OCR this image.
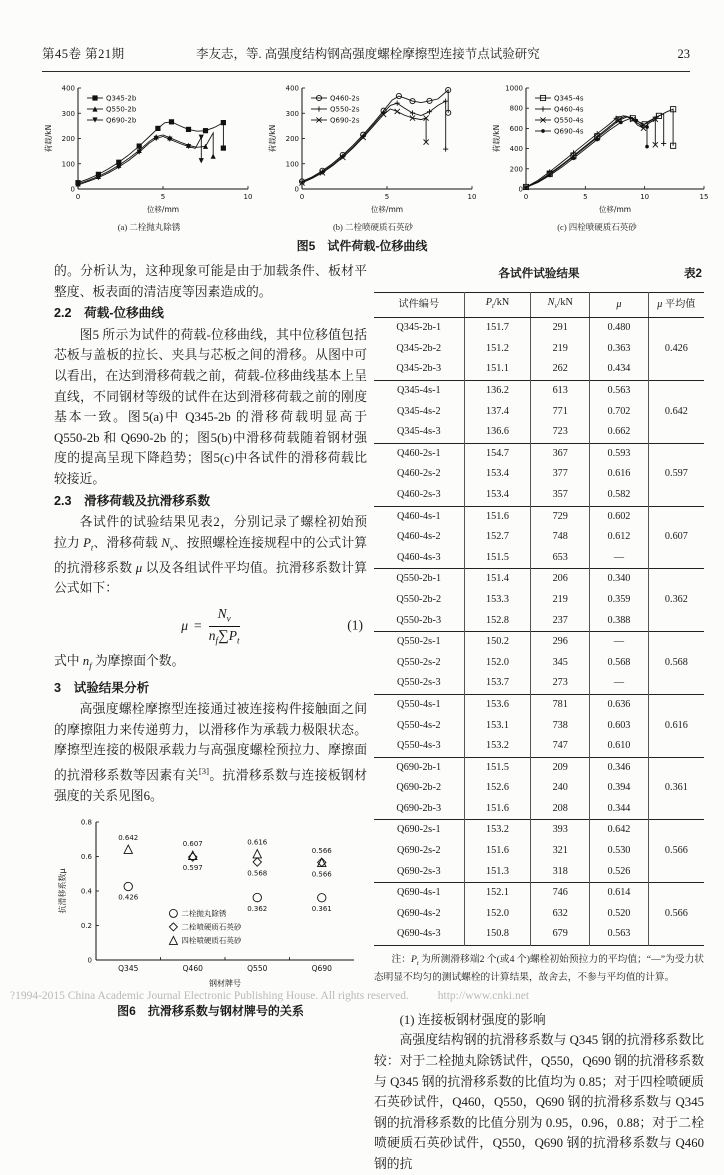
第45卷 第21期	李友志，等. 高强度结构钢高强度螺栓摩擦型连接节点试验研究	23
0
100
200
300
400
0	5	10
位移/mm
荷载/kN
Q345-2b
Q550-2b
Q690-2b
(a) 二栓抛丸除锈
0
100
200
300
400
0	5	10
位移/mm
荷载/kN
Q460-2s
Q550-2s
Q690-2s
(b) 二栓喷硬质石英砂
0
200
400
600
800
1000
0	5	10	15
位移/mm
荷载/kN
Q345-4s
Q460-4s
Q550-4s
Q690-4s
(c) 四栓喷硬质石英砂
图5　试件荷载-位移曲线

的。分析认为，这种现象可能是由于加载条件、板材平整度、板表面的清洁度等因素造成的。

2.2　荷载-位移曲线

图5 所示为试件的荷载-位移曲线，其中位移值包括芯板与盖板的拉长、夹具与芯板之间的滑移。从图中可以看出，在达到滑移荷载之前，荷载-位移曲线基本上呈直线，不同钢材等级的试件在达到滑移荷载之前的刚度基本一致。图5(a)中 Q345-2b 的滑移荷载明显高于 Q550-2b 和 Q690-2b 的；图5(b)中滑移荷载随着钢材强度的提高呈现下降趋势；图5(c)中各试件的滑移荷载比较接近。

2.3　滑移荷载及抗滑移系数

各试件的试验结果见表2，分别记录了螺栓初始预拉力 $P_t$、滑移荷载 $N_v$、按照螺栓连接规程中的公式计算的抗滑移系数 μ 以及各组试件平均值。抗滑移系数计算公式如下：

$\mu = \frac{N_v}{n_f\sum P_t}$	(1)

式中 $n_f$ 为摩擦面个数。

3　试验结果分析

高强度螺栓摩擦型连接通过被连接构件接触面之间的摩擦阻力来传递剪力，以滑移作为承载力极限状态。摩擦型连接的极限承载力与高强度螺栓预拉力、摩擦面的抗滑移系数等因素有关[3]。抗滑移系数与连接板钢材强度的关系见图6。

0
0.2
0.4
0.6
0.8
Q345	Q460	Q550	Q690
钢材牌号
抗滑移系数μ
0.642
0.426
0.607
0.597
0.616
0.568
0.362
0.566
0.566
0.361
二栓抛丸除锈
二栓喷硬质石英砂
四栓喷硬质石英砂
图6　抗滑移系数与钢材牌号的关系
各试件试验结果	表2
试件编号	$P_t/kN$	$N_v/kN$	μ	μ 平均值
Q345-2b-1	151.7	291	0.480	0.426
Q345-2b-2	151.2	219	0.363	
Q345-2b-3	151.1	262	0.434	
Q345-4s-1	136.2	613	0.563	0.642
Q345-4s-2	137.4	771	0.702	
Q345-4s-3	136.6	723	0.662	
Q460-2s-1	154.7	367	0.593	0.597
Q460-2s-2	153.4	377	0.616	
Q460-2s-3	153.4	357	0.582	
Q460-4s-1	151.6	729	0.602	0.607
Q460-4s-2	152.7	748	0.612	
Q460-4s-3	151.5	653	—	
Q550-2b-1	151.4	206	0.340	0.362
Q550-2b-2	153.3	219	0.359	
Q550-2b-3	152.8	237	0.388	
Q550-2s-1	150.2	296	—	0.568
Q550-2s-2	152.0	345	0.568	
Q550-2s-3	153.7	273	—	
Q550-4s-1	153.6	781	0.636	0.616
Q550-4s-2	153.1	738	0.603	
Q550-4s-3	153.2	747	0.610	
Q690-2b-1	151.5	209	0.346	0.361
Q690-2b-2	152.6	240	0.394	
Q690-2b-3	151.6	208	0.344	
Q690-2s-1	153.2	393	0.642	0.566
Q690-2s-2	151.6	321	0.530	
Q690-2s-3	151.3	318	0.526	
Q690-4s-1	152.1	746	0.614	0.566
Q690-4s-2	152.0	632	0.520	
Q690-4s-3	150.8	679	0.563	
注：$P_t$ 为所测滑移端2 个(或4 个)螺栓初始预拉力的平均值；“—”为受力状态明显不均匀的测试螺栓的计算结果，故舍去，不参与平均值的计算。
(1) 连接板钢材强度的影响

高强度结构钢的抗滑移系数与 Q345 钢的抗滑移系数比较：对于二栓抛丸除锈试件，Q550，Q690 钢的抗滑移系数与 Q345 钢的抗滑移系数的比值均为 0.85；对于四栓喷硬质石英砂试件，Q460，Q550，Q690 钢的抗滑移系数与 Q345 钢的抗滑移系数的比值分别为 0.95，0.96，0.88；对于二栓喷硬质石英砂试件，Q550，Q690 钢的抗滑移系数与 Q460 钢的抗

?1994-2015 China Academic Journal Electronic Publishing House. All rights reserved.	http://www.cnki.net
